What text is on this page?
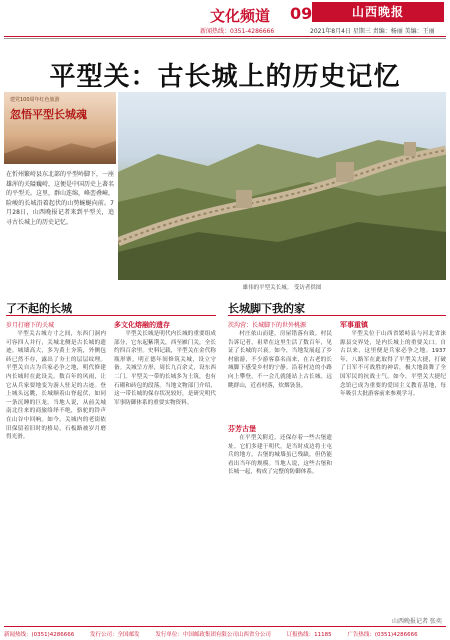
文化频道 09	山西晚报
新闻热线：0351-4286666	2021年8月4日 星期三 责编：杨丽 美编：王丽
平型关：古长城上的历史记忆
建党100周年红色旅游
忽悟平型长城魂
在忻州繁峙县东北部的平型岭脚下，一座雄浑的关隘巍峙，这便是中国历史上著名的平型关。这里，群山连绵，峰峦叠嶂，险峻的长城沿着起伏的山势蜿蜒向前。7月28日，山西晚报记者来到平型关，追寻古长城上的历史记忆。
雄伟的平型关长城。 受访者供图
了不起的长城
岁月打磨下的关城

平型关古城方寸之间，东西门洞内可容四人并行，关城北侧是古长城的遗迹。城墙高大，多为黄土夯筑，外侧包砖已然不存，露出了夯土的层层纹理。平型关自古为兵家必争之地，明代修建内长城时在此设关。数百年的风雨，让它从兵家要地变为游人驻足的古迹。登上城头远眺，长城顺着山脊起伏，如同一条沉睡的巨龙。当地人说，从前关城南北往来的商旅络绎不绝，骆驼的铃声在山谷中回响。如今，关城内的老街依旧保留着旧时的格局，石板路被岁月磨得光滑。

多文化熔融的遗存

平型关长城是明代内长城的重要组成部分，它东起紫荆关，西至雁门关，全长约四百余里。史料记载，平型关在金代称瓶形寨，明正德年间修筑关城，设立守备。关城呈方形，周长九百余丈，设东西二门。平型关一带的长城多为土筑，也有石砌和砖包的段落。当地文物部门介绍，这一带长城的保存状况较好，是研究明代军事防御体系的重要实物资料。

长城脚下我的家
茨沟营：长城脚下的世外桃源

村庄依山而建，房屋错落有致。村民告诉记者，祖辈在这里生活了数百年，见证了长城的兴衰。如今，当地发展起了乡村旅游，不少游客慕名而来，在古老的长城脚下感受乡村的宁静。沿着村边的小路向上攀登，不一会儿就能站上古长城。远眺群山，近看村落，炊烟袅袅。

芬芳古堡

在平型关附近，还保存着一些古堡遗址。它们多建于明代，是当时戍边将士屯兵的地方。古堡的城墙虽已残缺，但仍能看出当年的规模。当地人说，这些古堡和长城一起，构成了完整的防御体系。

军事重镇

平型关位于山西省繁峙县与河北省涞源县交界处，是内长城上的重要关口。自古以来，这里便是兵家必争之地。1937年，八路军在此取得了平型关大捷，打破了日军不可战胜的神话，极大地鼓舞了全国军民的抗战士气。如今，平型关大捷纪念馆已成为重要的爱国主义教育基地，每年吸引大批游客前来参观学习。

山西晚报记者 张奕
新闻热线：(0351)4286666	发行公司：全国邮发	发行单位：中国邮政集团有限公司山西省分公司	订报热线：11185	广告热线：(0351)4286666
